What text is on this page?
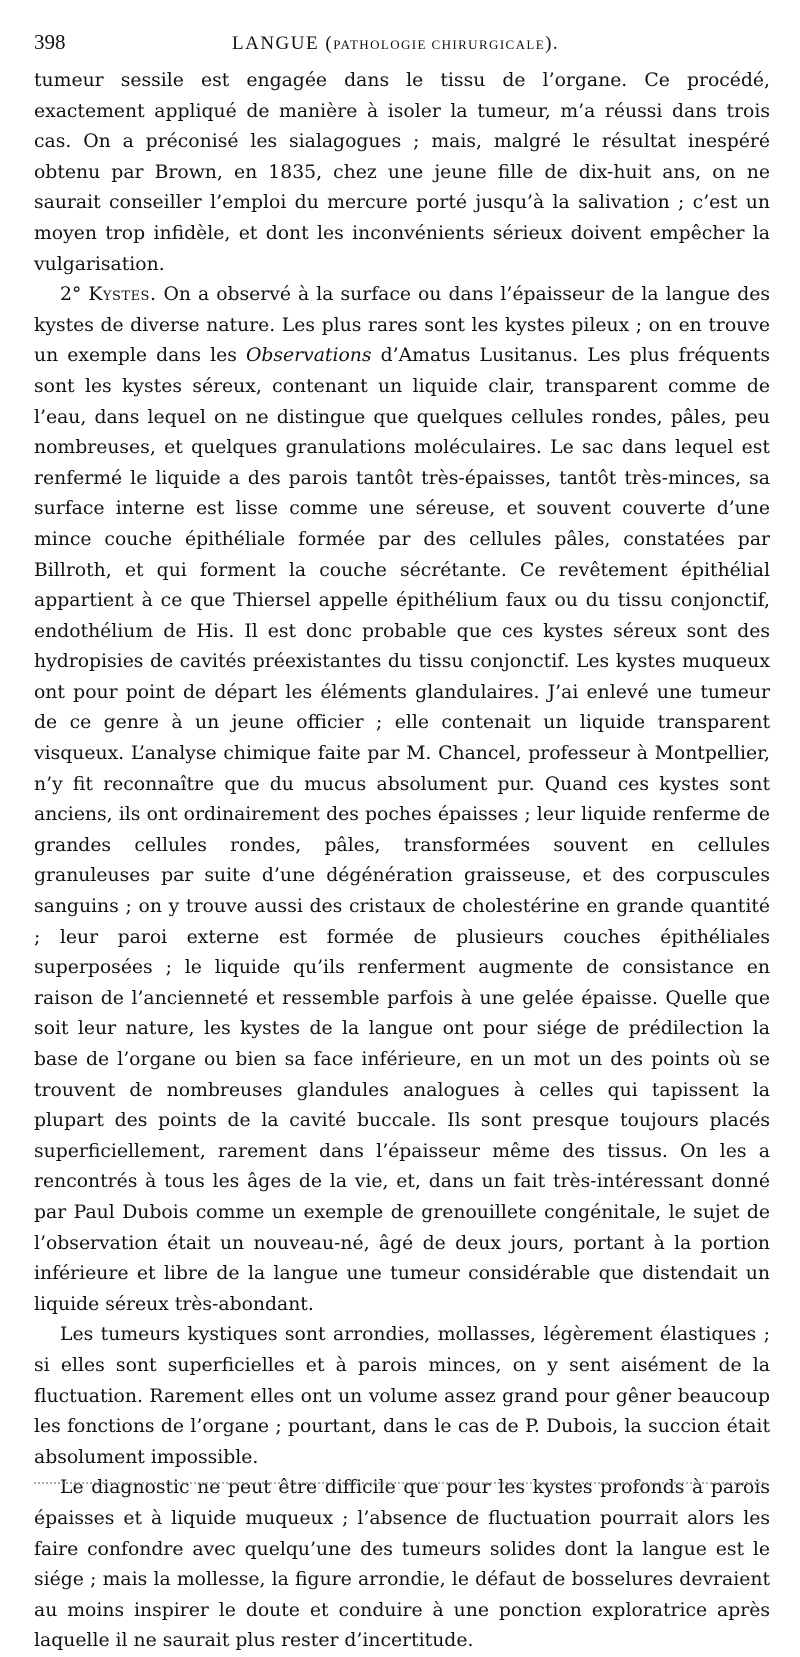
398	LANGUE (PATHOLOGIE CHIRURGICALE).

tumeur sessile est engagée dans le tissu de l’organe. Ce procédé, exactement appliqué de manière à isoler la tumeur, m’a réussi dans trois cas. On a préconisé les sialagogues ; mais, malgré le résultat inespéré obtenu par Brown, en 1835, chez une jeune fille de dix-huit ans, on ne saurait conseiller l’emploi du mercure porté jusqu’à la salivation ; c’est un moyen trop infidèle, et dont les inconvénients sérieux doivent empêcher la vulgarisation.

2° Kystes. On a observé à la surface ou dans l’épaisseur de la langue des kystes de diverse nature. Les plus rares sont les kystes pileux ; on en trouve un exemple dans les Observations d’Amatus Lusitanus. Les plus fréquents sont les kystes séreux, contenant un liquide clair, transparent comme de l’eau, dans lequel on ne distingue que quelques cellules rondes, pâles, peu nombreuses, et quelques granulations moléculaires. Le sac dans lequel est renfermé le liquide a des parois tantôt très-épaisses, tantôt très-minces, sa surface interne est lisse comme une séreuse, et souvent couverte d’une mince couche épithéliale formée par des cellules pâles, constatées par Billroth, et qui forment la couche sécrétante. Ce revêtement épithélial appartient à ce que Thiersel appelle épithélium faux ou du tissu conjonctif, endothélium de His. Il est donc probable que ces kystes séreux sont des hydropisies de cavités préexistantes du tissu conjonctif. Les kystes muqueux ont pour point de départ les éléments glandulaires. J’ai enlevé une tumeur de ce genre à un jeune officier ; elle contenait un liquide transparent visqueux. L’analyse chimique faite par M. Chancel, professeur à Montpellier, n’y fit reconnaître que du mucus absolument pur. Quand ces kystes sont anciens, ils ont ordinairement des poches épaisses ; leur liquide renferme de grandes cellules rondes, pâles, transformées souvent en cellules granuleuses par suite d’une dégénération graisseuse, et des corpuscules sanguins ; on y trouve aussi des cristaux de cholestérine en grande quantité ; leur paroi externe est formée de plusieurs couches épithéliales superposées ; le liquide qu’ils renferment augmente de consistance en raison de l’ancienneté et ressemble parfois à une gelée épaisse. Quelle que soit leur nature, les kystes de la langue ont pour siége de prédilection la base de l’organe ou bien sa face inférieure, en un mot un des points où se trouvent de nombreuses glandules analogues à celles qui tapissent la plupart des points de la cavité buccale. Ils sont presque toujours placés superficiellement, rarement dans l’épaisseur même des tissus. On les a rencontrés à tous les âges de la vie, et, dans un fait très-intéressant donné par Paul Dubois comme un exemple de grenouillete congénitale, le sujet de l’observation était un nouveau-né, âgé de deux jours, portant à la portion inférieure et libre de la langue une tumeur considérable que distendait un liquide séreux très-abondant.

Les tumeurs kystiques sont arrondies, mollasses, légèrement élastiques ; si elles sont superficielles et à parois minces, on y sent aisément de la fluctuation. Rarement elles ont un volume assez grand pour gêner beaucoup les fonctions de l’organe ; pourtant, dans le cas de P. Dubois, la succion était absolument impossible.

Le diagnostic ne peut être difficile que pour les kystes profonds à parois épaisses et à liquide muqueux ; l’absence de fluctuation pourrait alors les faire confondre avec quelqu’une des tumeurs solides dont la langue est le siége ; mais la mollesse, la figure arrondie, le défaut de bosselures devraient au moins inspirer le doute et conduire à une ponction exploratrice après laquelle il ne saurait plus rester d’incertitude.
